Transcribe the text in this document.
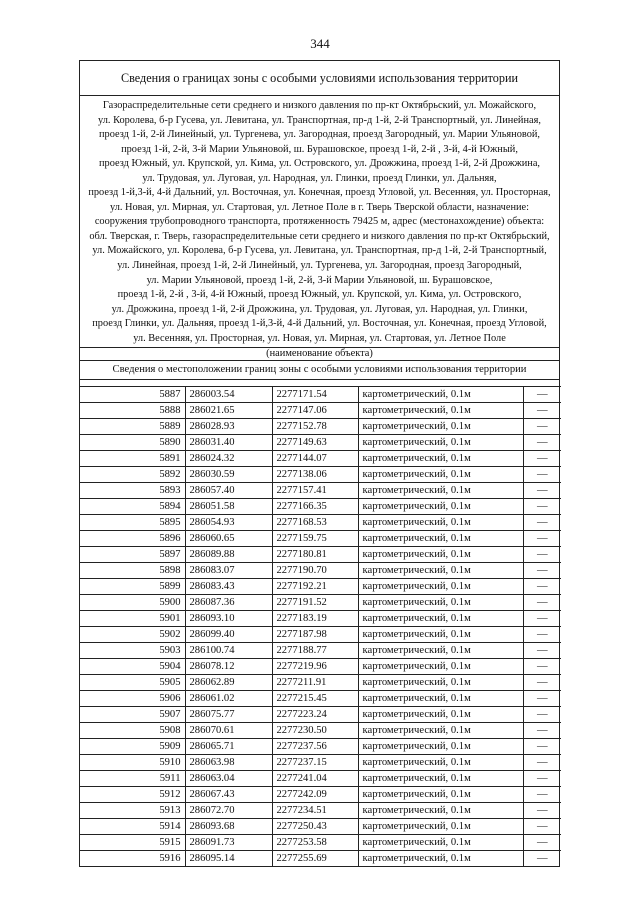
344
Сведения о границах зоны с особыми условиями использования территории
Газораспределительные сети среднего и низкого давления по пр-кт Октябрьский, ул. Можайского,
ул. Королева, б-р Гусева, ул. Левитана, ул. Транспортная, пр-д 1-й, 2-й Транспортный, ул. Линейная,
проезд 1-й, 2-й Линейный, ул. Тургенева, ул. Загородная, проезд Загородный, ул. Марии Ульяновой,
проезд 1-й, 2-й, 3-й Марии Ульяновой, ш. Бурашовское, проезд 1-й, 2-й , 3-й, 4-й Южный,
проезд Южный, ул. Крупской, ул. Кима, ул. Островского, ул. Дрожжина, проезд 1-й, 2-й Дрожжина,
ул. Трудовая, ул. Луговая, ул. Народная, ул. Глинки, проезд Глинки, ул. Дальняя,
проезд 1-й,3-й, 4-й Дальний, ул. Восточная, ул. Конечная, проезд Угловой, ул. Весенняя, ул. Просторная,
ул. Новая, ул. Мирная, ул. Стартовая, ул. Летное Поле в г. Тверь Тверской области, назначение:
сооружения трубопроводного транспорта, протяженность 79425 м, адрес (местонахождение) объекта:
обл. Тверская, г. Тверь, газораспределительные сети среднего и низкого давления по пр-кт Октябрьский,
ул. Можайского, ул. Королева, б-р Гусева, ул. Левитана, ул. Транспортная, пр-д 1-й, 2-й Транспортный,
ул. Линейная, проезд 1-й, 2-й Линейный, ул. Тургенева, ул. Загородная, проезд Загородный,
ул. Марии Ульяновой, проезд 1-й, 2-й, 3-й Марии Ульяновой, ш. Бурашовское,
проезд 1-й, 2-й , 3-й, 4-й Южный, проезд Южный, ул. Крупской, ул. Кима, ул. Островского,
ул. Дрожжина, проезд 1-й, 2-й Дрожжина, ул. Трудовая, ул. Луговая, ул. Народная, ул. Глинки,
проезд Глинки, ул. Дальняя, проезд 1-й,3-й, 4-й Дальний, ул. Восточная, ул. Конечная, проезд Угловой,
ул. Весенняя, ул. Просторная, ул. Новая, ул. Мирная, ул. Стартовая, ул. Летное Поле
(наименование объекта)
Сведения о местоположении границ зоны с особыми условиями использования территории
5887	286003.54	2277171.54	картометрический, 0.1м	—
5888	286021.65	2277147.06	картометрический, 0.1м	—
5889	286028.93	2277152.78	картометрический, 0.1м	—
5890	286031.40	2277149.63	картометрический, 0.1м	—
5891	286024.32	2277144.07	картометрический, 0.1м	—
5892	286030.59	2277138.06	картометрический, 0.1м	—
5893	286057.40	2277157.41	картометрический, 0.1м	—
5894	286051.58	2277166.35	картометрический, 0.1м	—
5895	286054.93	2277168.53	картометрический, 0.1м	—
5896	286060.65	2277159.75	картометрический, 0.1м	—
5897	286089.88	2277180.81	картометрический, 0.1м	—
5898	286083.07	2277190.70	картометрический, 0.1м	—
5899	286083.43	2277192.21	картометрический, 0.1м	—
5900	286087.36	2277191.52	картометрический, 0.1м	—
5901	286093.10	2277183.19	картометрический, 0.1м	—
5902	286099.40	2277187.98	картометрический, 0.1м	—
5903	286100.74	2277188.77	картометрический, 0.1м	—
5904	286078.12	2277219.96	картометрический, 0.1м	—
5905	286062.89	2277211.91	картометрический, 0.1м	—
5906	286061.02	2277215.45	картометрический, 0.1м	—
5907	286075.77	2277223.24	картометрический, 0.1м	—
5908	286070.61	2277230.50	картометрический, 0.1м	—
5909	286065.71	2277237.56	картометрический, 0.1м	—
5910	286063.98	2277237.15	картометрический, 0.1м	—
5911	286063.04	2277241.04	картометрический, 0.1м	—
5912	286067.43	2277242.09	картометрический, 0.1м	—
5913	286072.70	2277234.51	картометрический, 0.1м	—
5914	286093.68	2277250.43	картометрический, 0.1м	—
5915	286091.73	2277253.58	картометрический, 0.1м	—
5916	286095.14	2277255.69	картометрический, 0.1м	—
